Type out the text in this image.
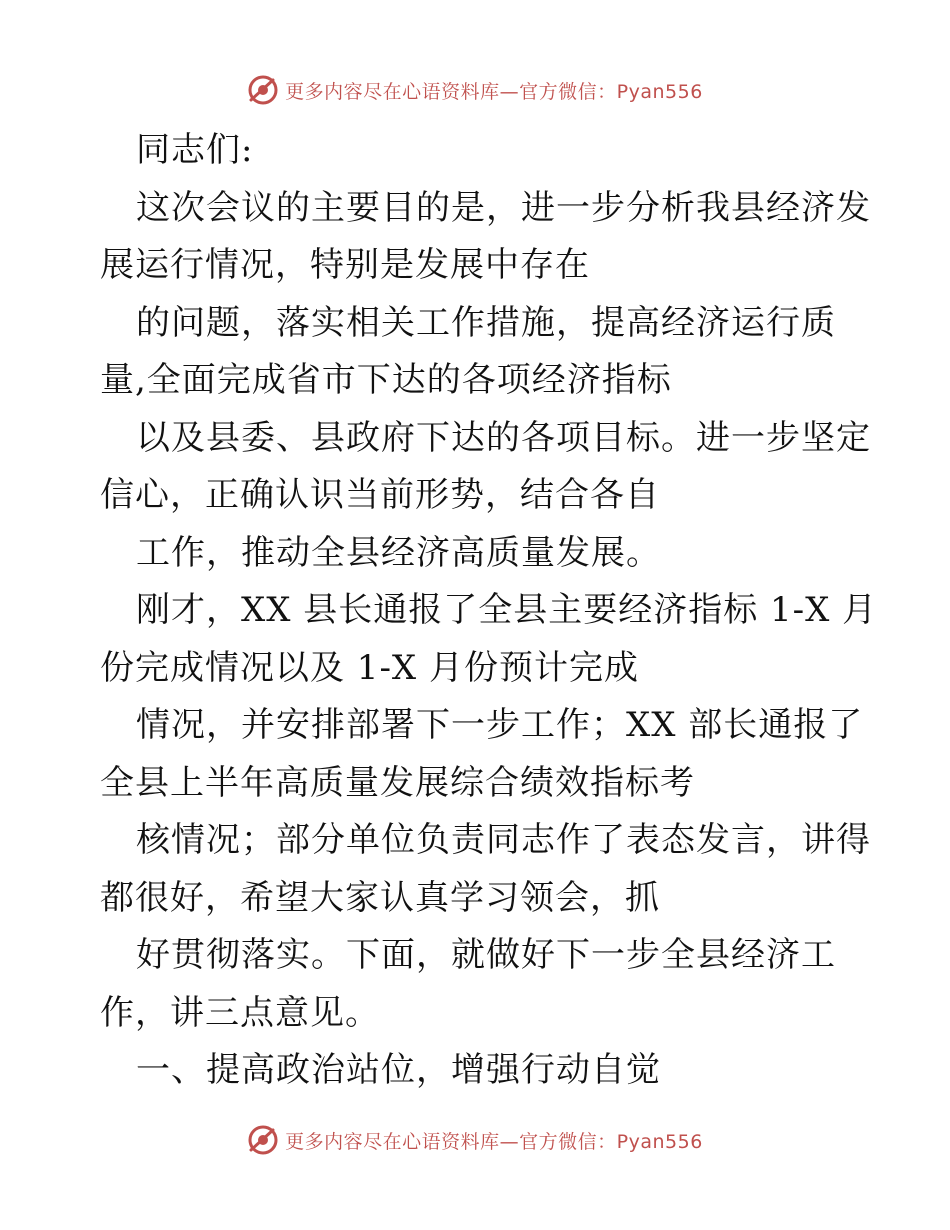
更多内容尽在心语资料库—官方微信：Pyan556
同志们:
这次会议的主要目的是，进一步分析我县经济发
展运行情况，特别是发展中存在
的问题，落实相关工作措施，提高经济运行质
量,全面完成省市下达的各项经济指标
以及县委、县政府下达的各项目标。进一步坚定
信心，正确认识当前形势，结合各自
工作，推动全县经济高质量发展。
刚才，XX 县长通报了全县主要经济指标 1-X 月
份完成情况以及 1-X 月份预计完成
情况，并安排部署下一步工作；XX 部长通报了
全县上半年高质量发展综合绩效指标考
核情况；部分单位负责同志作了表态发言，讲得
都很好，希望大家认真学习领会，抓
好贯彻落实。下面，就做好下一步全县经济工
作，讲三点意见。
一、提高政治站位，增强行动自觉
更多内容尽在心语资料库—官方微信：Pyan556
